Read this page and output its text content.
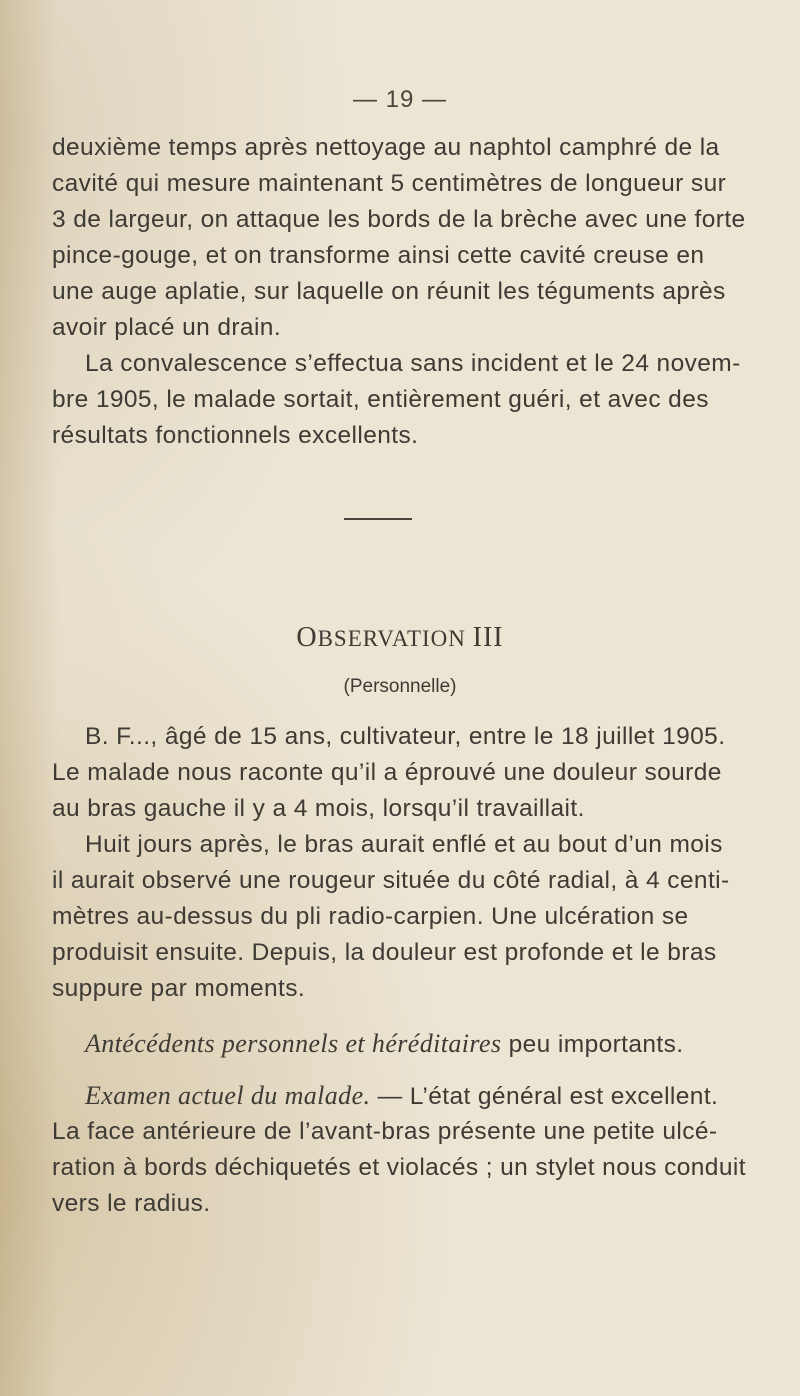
— 19 —
deuxième temps après nettoyage au naphtol camphré de la
cavité qui mesure maintenant 5 centimètres de longueur sur
3 de largeur, on attaque les bords de la brèche avec une forte
pince-gouge, et on transforme ainsi cette cavité creuse en
une auge aplatie, sur laquelle on réunit les téguments après
avoir placé un drain.
La convalescence s’effectua sans incident et le 24 novem-
bre 1905, le malade sortait, entièrement guéri, et avec des
résultats fonctionnels excellents.
OBSERVATION III
(Personnelle)
B. F..., âgé de 15 ans, cultivateur, entre le 18 juillet 1905.
Le malade nous raconte qu’il a éprouvé une douleur sourde
au bras gauche il y a 4 mois, lorsqu’il travaillait.
Huit jours après, le bras aurait enflé et au bout d’un mois
il aurait observé une rougeur située du côté radial, à 4 centi-
mètres au-dessus du pli radio-carpien. Une ulcération se
produisit ensuite. Depuis, la douleur est profonde et le bras
suppure par moments.
Antécédents personnels et héréditaires peu importants.
Examen actuel du malade. — L’état général est excellent.
La face antérieure de l’avant-bras présente une petite ulcé-
ration à bords déchiquetés et violacés ; un stylet nous conduit
vers le radius.
